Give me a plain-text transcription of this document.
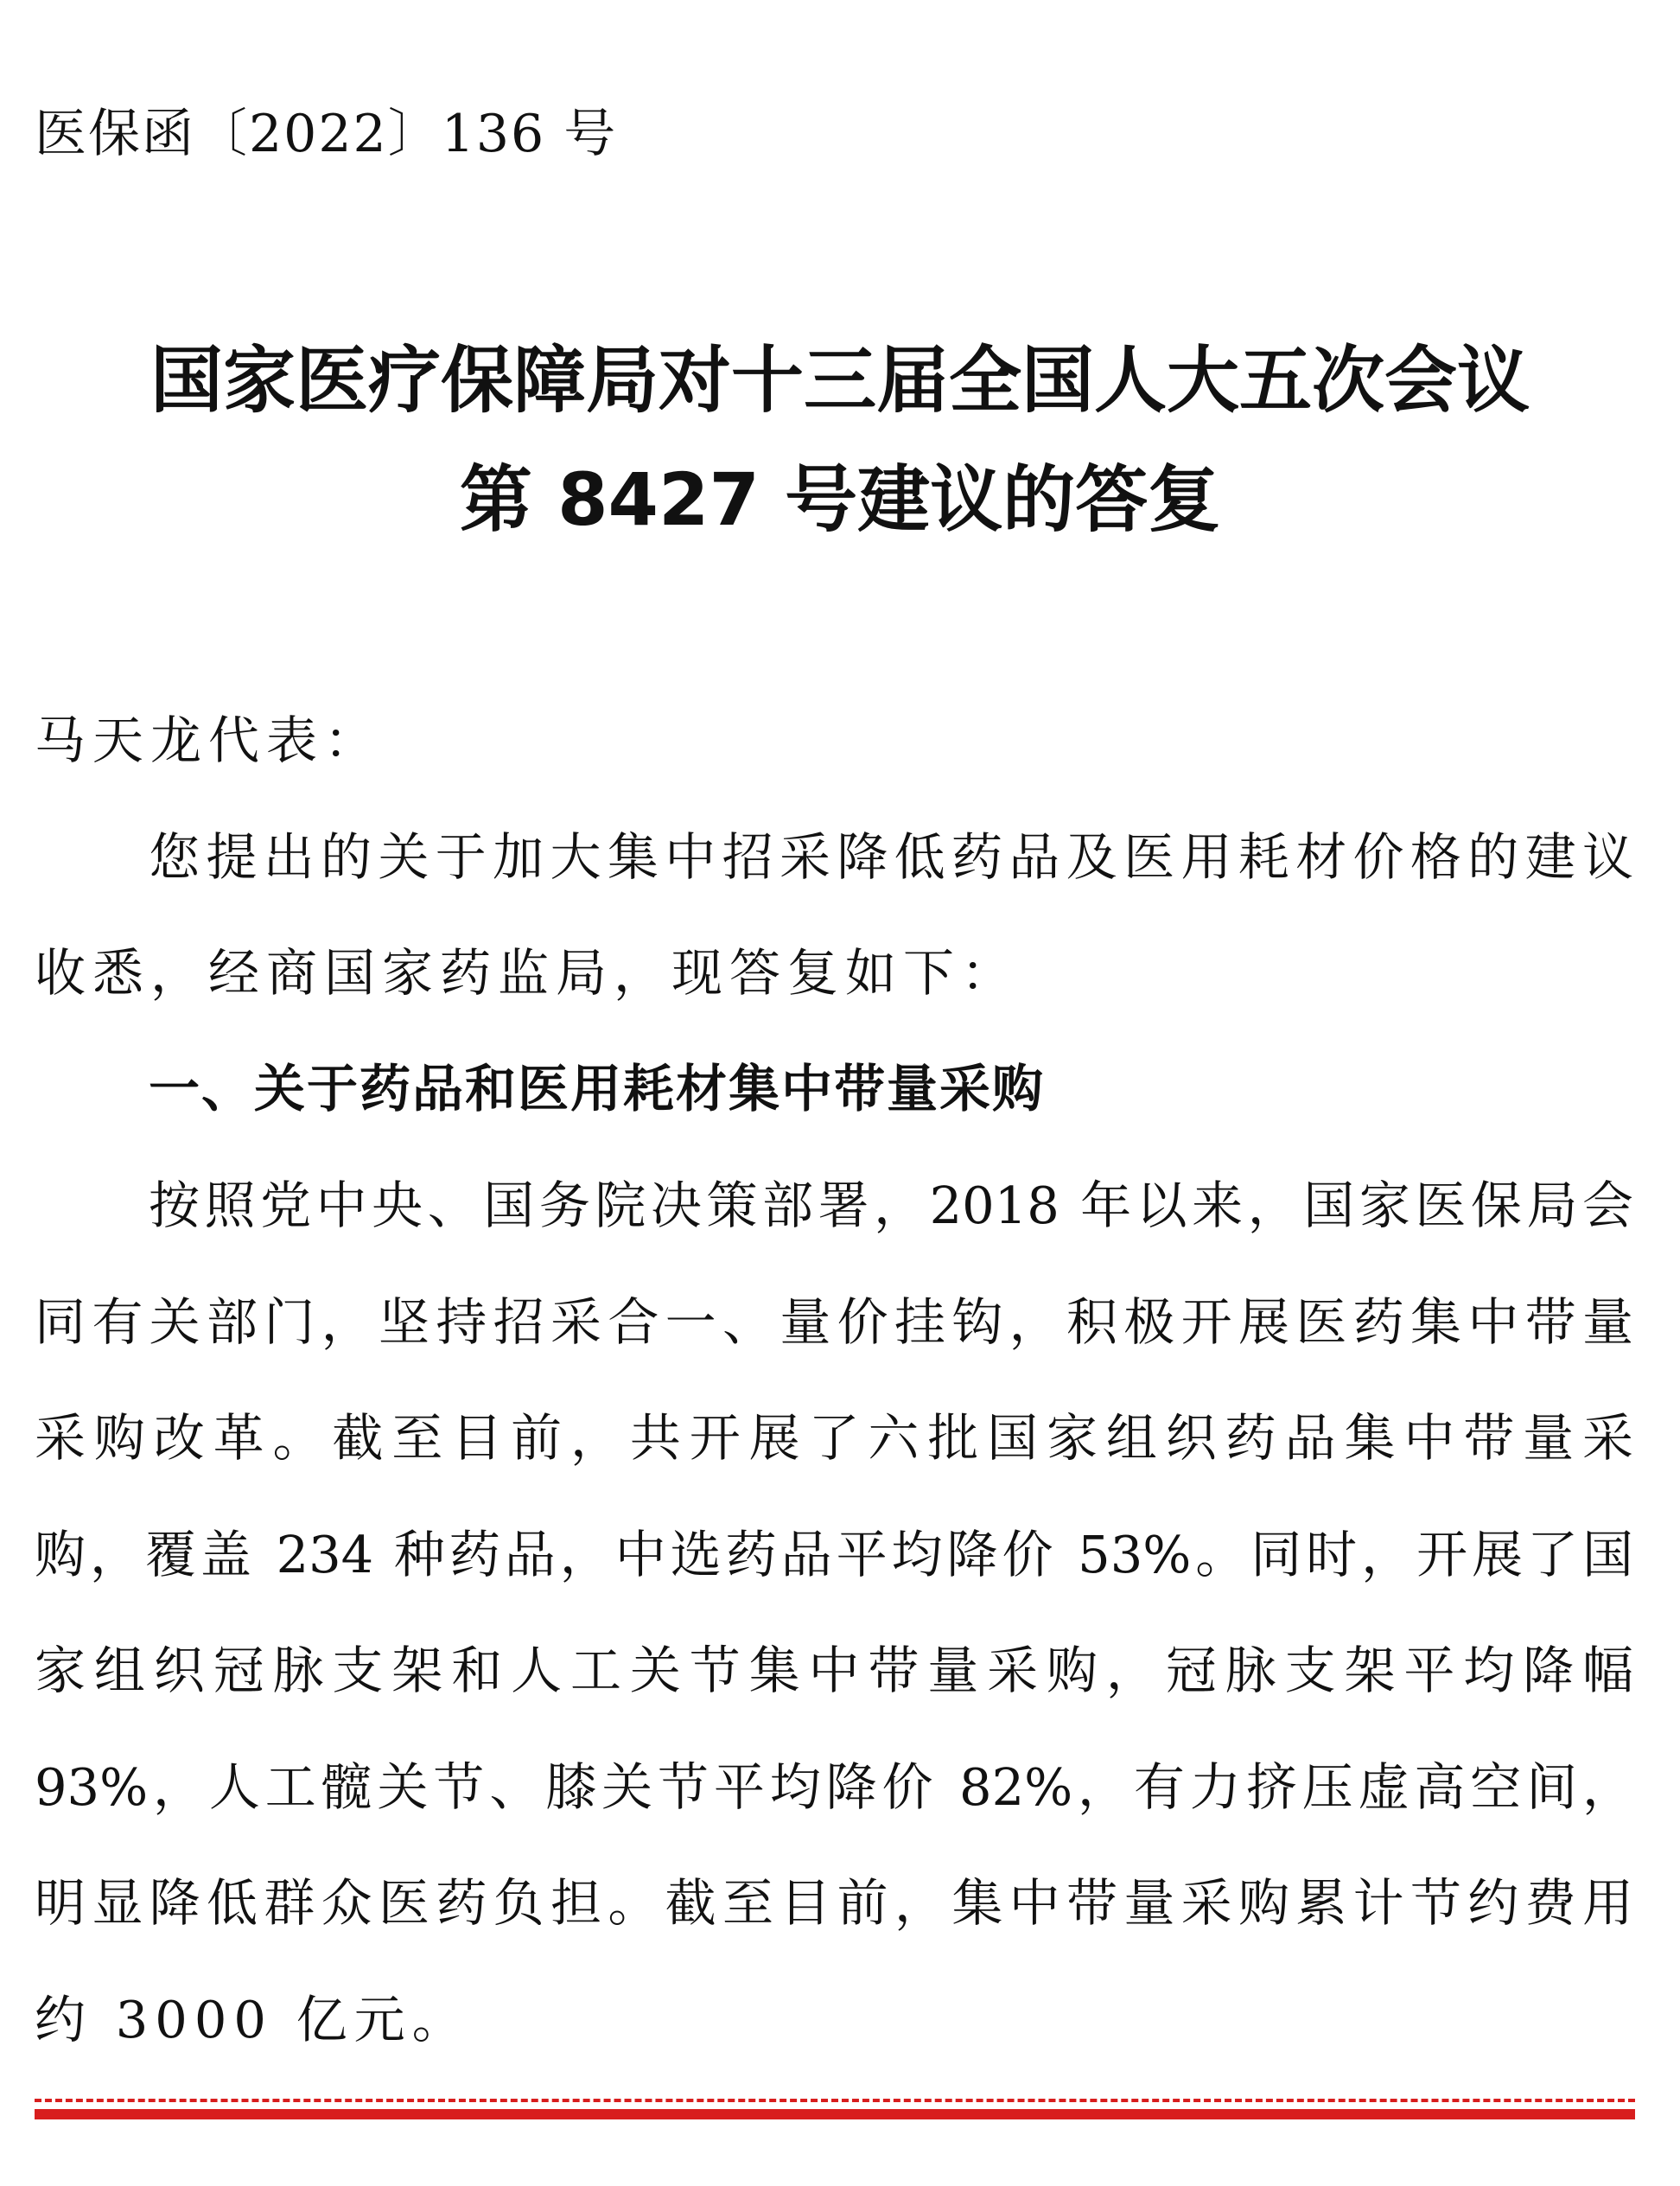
医保函〔2022〕136 号
国家医疗保障局对十三届全国人大五次会议
第 8427 号建议的答复
马天龙代表：
您提出的关于加大集中招采降低药品及医用耗材价格的建议
收悉，经商国家药监局，现答复如下：
一、关于药品和医用耗材集中带量采购
按照党中央、国务院决策部署，2018 年以来，国家医保局会
同有关部门，坚持招采合一、量价挂钩，积极开展医药集中带量
采购改革。截至目前，共开展了六批国家组织药品集中带量采
购，覆盖 234 种药品，中选药品平均降价 53%。同时，开展了国
家组织冠脉支架和人工关节集中带量采购，冠脉支架平均降幅
93%，人工髋关节、膝关节平均降价 82%，有力挤压虚高空间，
明显降低群众医药负担。截至目前，集中带量采购累计节约费用
约 3000 亿元。
